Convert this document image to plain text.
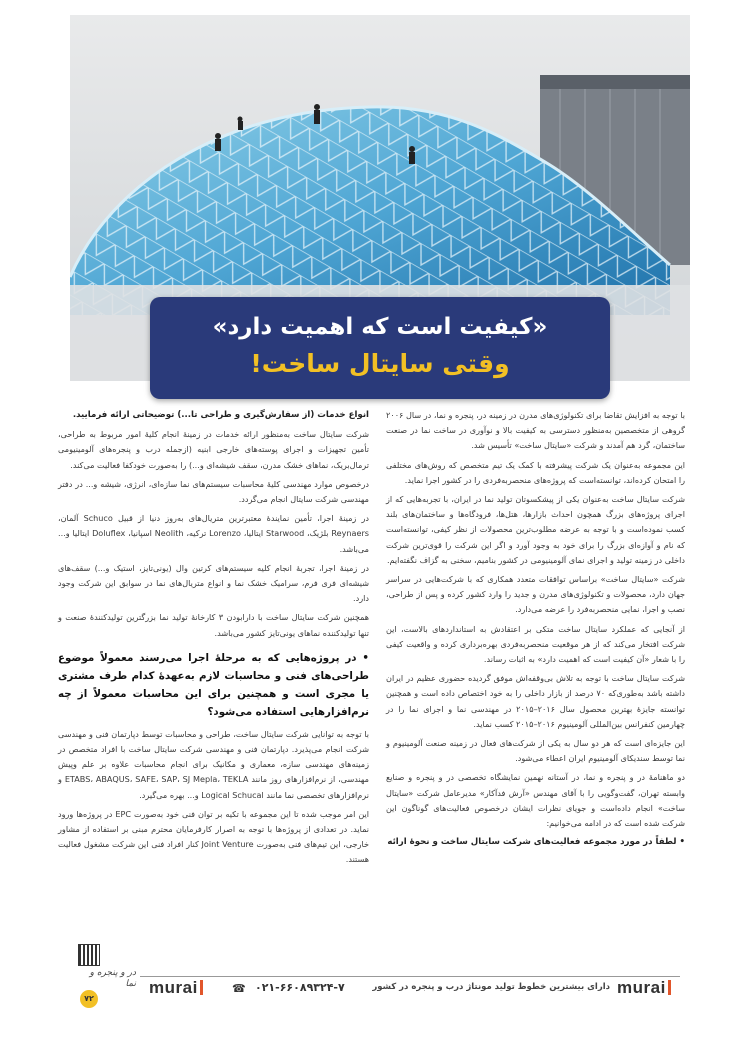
«کیفیت است که اهمیت دارد»
وقتی سایتال ساخت!

با توجه به افزایش تقاضا برای تکنولوژی‌های مدرن در زمینه در، پنجره و نما، در سال ۲۰۰۶ گروهی از متخصصین به‌منظور دسترسی به کیفیت بالا و نوآوری در ساخت نما در صنعت ساختمان، گرد هم آمدند و شرکت «سایتال ساخت» تأسیس شد.

این مجموعه به‌عنوان یک شرکت پیشرفته با کمک یک تیم متخصص که روش‌های مختلفی را امتحان کرده‌اند، توانسته‌است که پروژه‌های منحصربه‌فردی را در کشور اجرا نماید.

شرکت سایتال ساخت به‌عنوان یکی از پیشکسوتان تولید نما در ایران، با تجربه‌هایی که از اجرای پروژه‌های بزرگ همچون احداث بازارها، هتل‌ها، فرودگاه‌ها و ساختمان‌های بلند کسب نموده‌است و با توجه به عرضه مطلوب‌ترین محصولات از نظر کیفی، توانسته‌است که نام و آوازه‌ای بزرگ را برای خود به وجود آورد و اگر این شرکت را قوی‌ترین شرکت داخلی در زمینه تولید و اجرای نمای آلومینیومی در کشور بنامیم، سخنی به گزاف نگفته‌ایم.

شرکت «سایتال ساخت» براساس توافقات متعدد همکاری که با شرکت‌هایی در سراسر جهان دارد، محصولات و تکنولوژی‌های مدرن و جدید را وارد کشور کرده و پس از طراحی، نصب و اجرا، نمایی منحصربه‌فرد را عرضه می‌دارد.

از آنجایی که عملکرد سایتال ساخت متکی بر اعتقادش به استانداردهای بالاست، این شرکت افتخار می‌کند که از هر موقعیت منحصربه‌فردی بهره‌برداری کرده و واقعیت کیفی را با شعار «آن کیفیت است که اهمیت دارد» به اثبات رساند.

شرکت سایتال ساخت با توجه به تلاش بی‌وقفه‌اش موفق گردیده حضوری عظیم در ایران داشته باشد به‌طوری‌که ۷۰ درصد از بازار داخلی را به خود اختصاص داده است و همچنین توانسته جایزهٔ بهترین محصول سال ۲۰۱۶–۲۰۱۵ در مهندسی نما و اجرای نما را در چهارمین کنفرانس بین‌المللی آلومینیوم ۲۰۱۶–۲۰۱۵ کسب نماید.

این جایزه‌ای است که هر دو سال به یکی از شرکت‌های فعال در زمینه صنعت آلومینیوم و نما توسط سندیکای آلومینیوم ایران اعطاء می‌شود.

دو ماهنامهٔ در و پنجره و نما، در آستانه نهمین نمایشگاه تخصصی در و پنجره و صنایع وابسته تهران، گفت‌وگویی را با آقای مهندس «آرش فدآکار» مدیرعامل شرکت «سایتال ساخت» انجام داده‌است و جویای نظرات ایشان درخصوص فعالیت‌های گوناگون این شرکت شده است که در ادامه می‌خوانیم:

• لطفاً در مورد مجموعه فعالیت‌های شرکت سایتال ساخت و نحوهٔ ارائه

انواع خدمات (از سفارش‌گیری و طراحی تا...) توضیحاتی ارائه فرمایید.

شرکت سایتال ساخت به‌منظور ارائه خدمات در زمینهٔ انجام کلیهٔ امور مربوط به طراحی، تأمین تجهیزات و اجرای پوسته‌های خارجی ابنیه (ازجمله درب و پنجره‌های آلومینیومی ترمال‌بریک، نماهای خشک مدرن، سقف شیشه‌ای و...) را به‌صورت خودکفا فعالیت می‌کند.

درخصوص موارد مهندسی کلیهٔ محاسبات سیستم‌های نما سازه‌ای، انرژی، شیشه و... در دفتر مهندسی شرکت سایتال انجام می‌گردد.

در زمینهٔ اجرا، تأمین نمایندهٔ معتبرترین متریال‌های به‌روز دنیا از قبیل Schuco آلمان، Reynaers بلژیک، Starwood ایتالیا، Lorenzo ترکیه، Neolith اسپانیا، Doluflex ایتالیا و... می‌باشد.

در زمینهٔ اجرا، تجربهٔ انجام کلیه سیستم‌های کرتین وال (یونی‌تایز، استیک و...) سقف‌های شیشه‌ای فری فرم، سرامیک خشک نما و انواع متریال‌های نما در سوابق این شرکت وجود دارد.

همچنین شرکت سایتال ساخت با دارابودن ۳ کارخانهٔ تولید نما بزرگترین تولیدکنندهٔ صنعت و تنها تولیدکننده نماهای یونی‌تایز کشور می‌باشد.

• در پروژه‌هایی که به مرحلهٔ اجرا می‌رسند معمولاً موضوع طراحی‌های فنی و محاسبات لازم به‌عهدهٔ کدام طرف مشتری یا مجری است و همچنین برای این محاسبات معمولاً از چه نرم‌افزارهایی استفاده می‌شود؟

با توجه به توانایی شرکت سایتال ساخت، طراحی و محاسبات توسط دپارتمان فنی و مهندسی شرکت انجام می‌پذیرد. دپارتمان فنی و مهندسی شرکت سایتال ساخت با افراد متخصص در زمینه‌های مهندسی سازه، معماری و مکانیک برای انجام محاسبات علاوه بر علم وپیش مهندسی، از نرم‌افزارهای روز مانند ETABS، ABAQUS، SAFE، SAP، SJ Mepla، TEKLA و نرم‌افزارهای تخصصی نما مانند Logical Schucal و... بهره می‌گیرد.

این امر موجب شده تا این مجموعه با تکیه بر توان فنی خود به‌صورت EPC در پروژه‌ها ورود نماید. در تعدادی از پروژه‌ها با توجه به اصرار کارفرمایان محترم مبنی بر استفاده از مشاور خارجی، این تیم‌های فنی به‌صورت Joint Venture کنار افراد فنی این شرکت مشغول فعالیت هستند.

murai
دارای بیشترین خطوط تولید مونتاژ درب و پنجره در کشور
۰۲۱-۶۶۰۸۹۳۲۴-۷
☎
murai
در و پنجره و نما
۷۲
